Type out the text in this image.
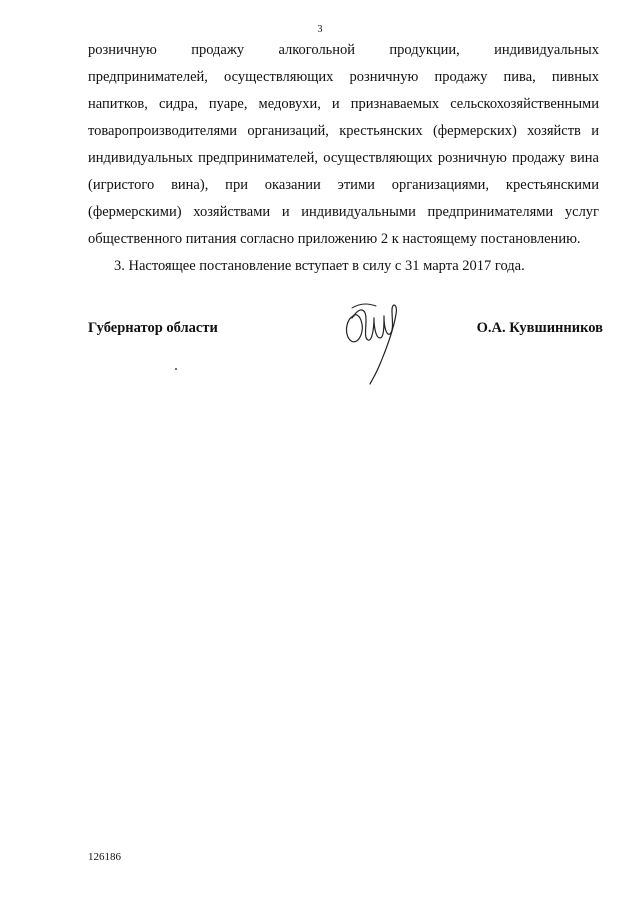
3
розничную продажу алкогольной продукции, индивидуальных
предпринимателей, осуществляющих розничную продажу пива, пивных
напитков, сидра, пуаре, медовухи, и признаваемых сельскохозяйственными
товаропроизводителями организаций, крестьянских (фермерских) хозяйств и
индивидуальных предпринимателей, осуществляющих розничную продажу вина
(игристого вина), при оказании этими организациями, крестьянскими
(фермерскими) хозяйствами и индивидуальными предпринимателями услуг
общественного питания согласно приложению 2 к настоящему постановлению.
3. Настоящее постановление вступает в силу с 31 марта 2017 года.
Губернатор области	О.А. Кувшинников
126186
